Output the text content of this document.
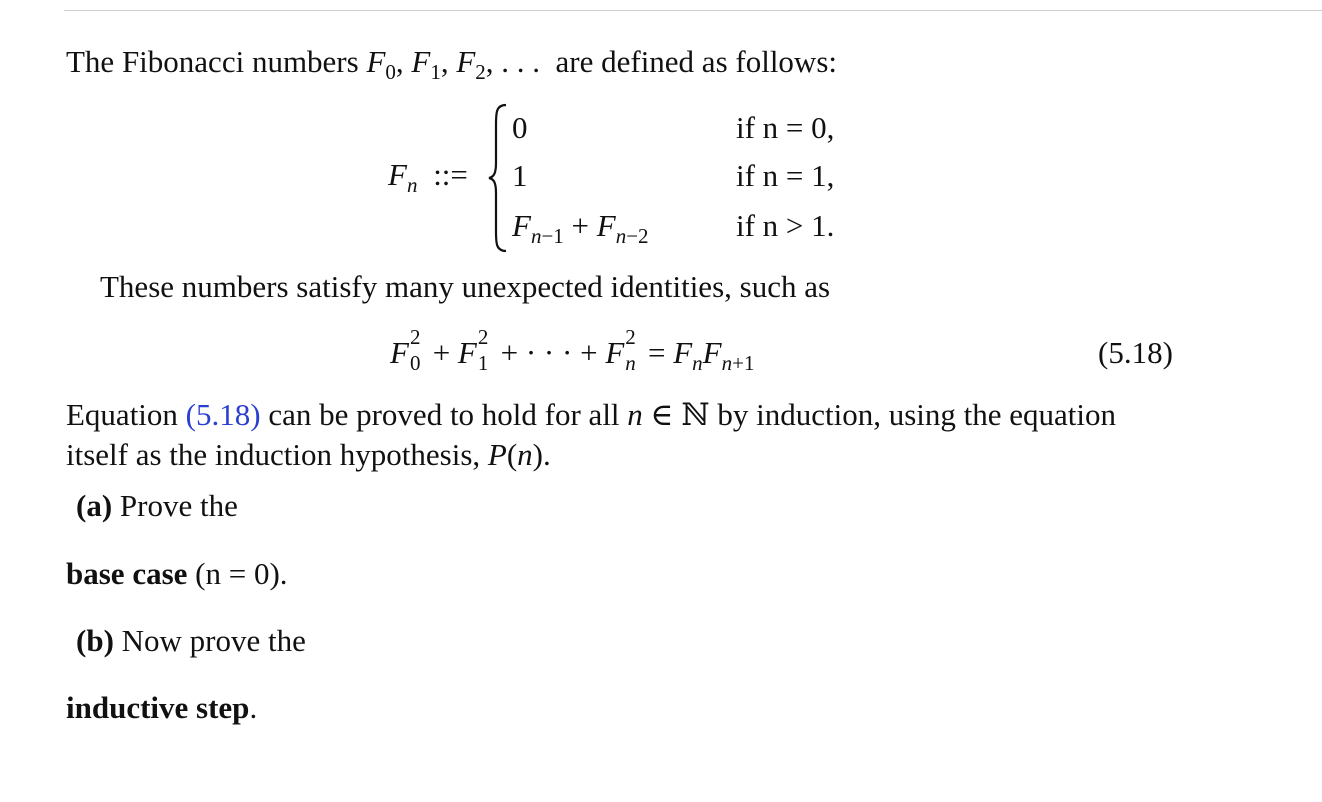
The Fibonacci numbers $F_0$, $F_1$, $F_2$, . . . are defined as follows:
$F_n$ ::=
0	if n = 0,
1	if n = 1,
$F_{n-1} + F_{n-2}$	if n > 1.
These numbers satisfy many unexpected identities, such as
F 2
0 + F 2
1 + · · · + F 2
$n = F_nF_{n+1}$	(5.18)
Equation (5.18) can be proved to hold for all n ∈ ℕ by induction, using the equation
itself as the induction hypothesis, P(n).
(a) Prove the
base case (n = 0).
(b) Now prove the
inductive step.
